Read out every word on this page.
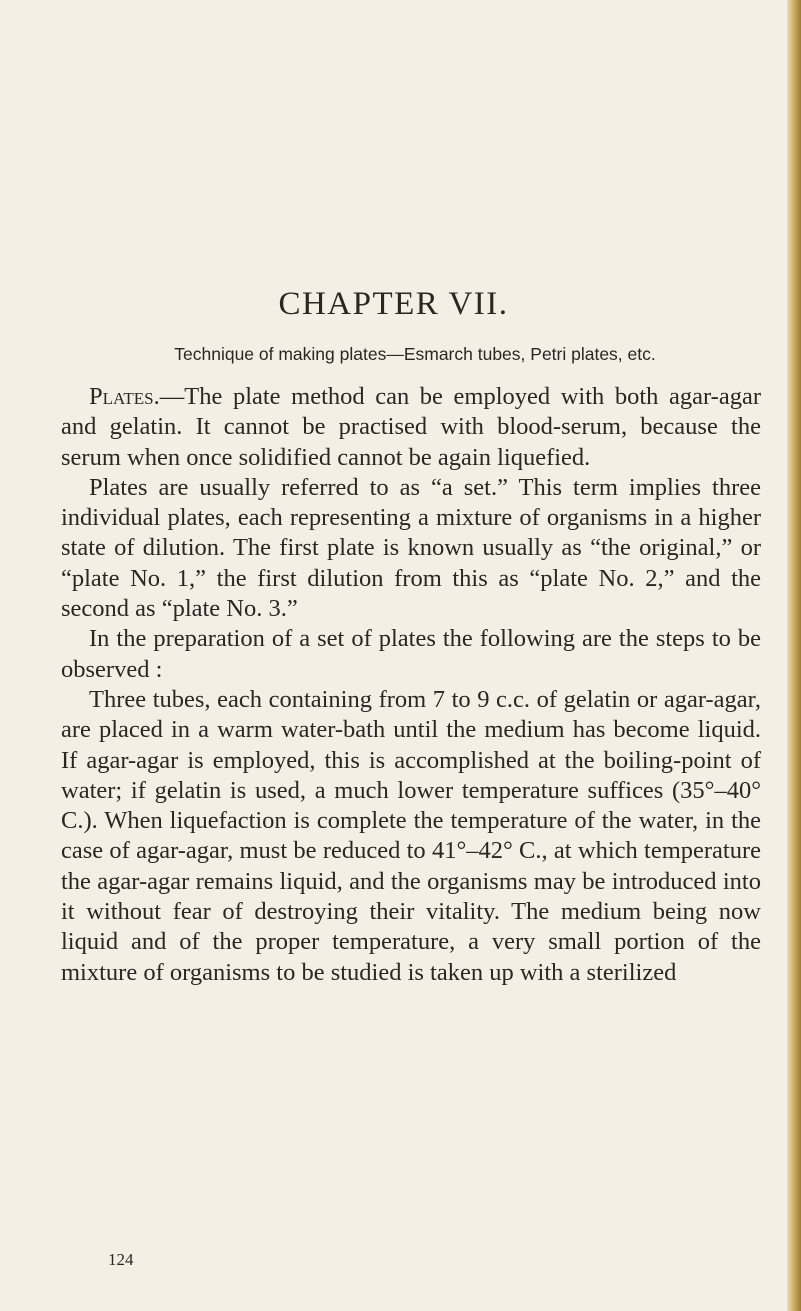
CHAPTER VII.

Technique of making plates—Esmarch tubes, Petri plates, etc.

Plates.—The plate method can be employed with both agar-agar and gelatin. It cannot be practised with blood-serum, because the serum when once solidified cannot be again liquefied.

Plates are usually referred to as “a set.” This term implies three individual plates, each representing a mixture of organisms in a higher state of dilution. The first plate is known usually as “the original,” or “plate No. 1,” the first dilution from this as “plate No. 2,” and the second as “plate No. 3.”

In the preparation of a set of plates the following are the steps to be observed :

Three tubes, each containing from 7 to 9 c.c. of gelatin or agar-agar, are placed in a warm water-bath until the medium has become liquid. If agar-agar is employed, this is accomplished at the boiling-point of water; if gelatin is used, a much lower temperature suffices (35°–40° C.). When liquefaction is complete the temperature of the water, in the case of agar-agar, must be reduced to 41°–42° C., at which temperature the agar-agar remains liquid, and the organisms may be introduced into it without fear of destroying their vitality. The medium being now liquid and of the proper temperature, a very small portion of the mixture of organisms to be studied is taken up with a sterilized

124
